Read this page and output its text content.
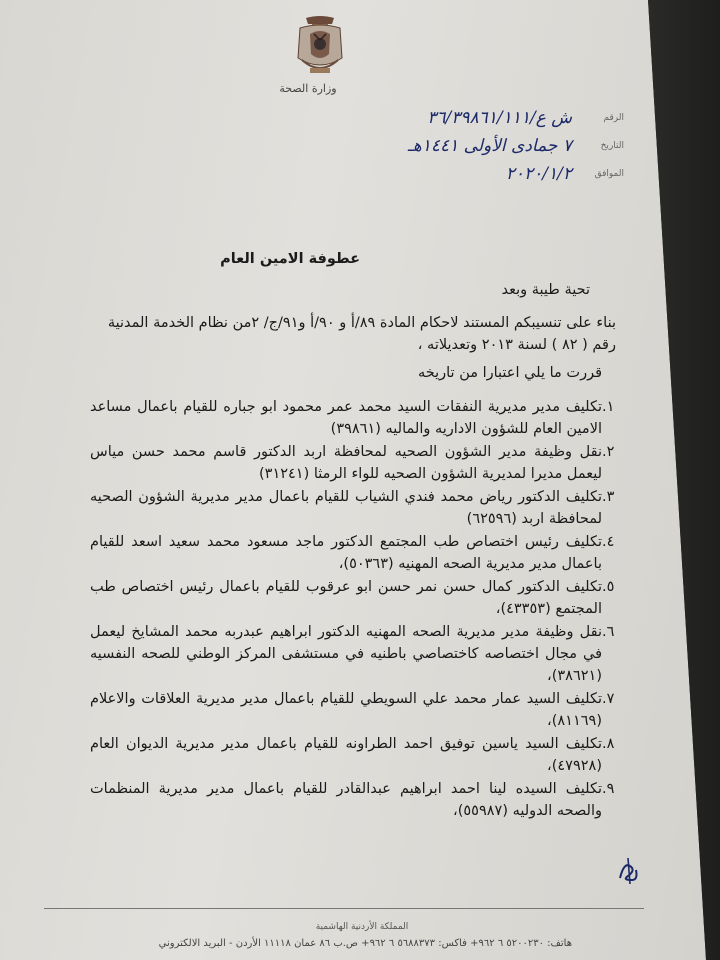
وزارة الصحة
الرقم
ش ع/٣٦/٣٩٨٦١/١١١
التاريخ
٧ جمادى الأولى ١٤٤١هـ
الموافق
٢٠٢٠/١/٢
عطوفة الامين العام
تحية طيبة وبعد
بناء على تنسيبكم المستند لاحكام المادة ٨٩/أ و ٩٠/أ و٩١/ج/ ٢من نظام الخدمة المدنية رقم ( ٨٢ ) لسنة ٢٠١٣ وتعديلاته ،
قررت ما يلي اعتبارا من تاريخه
١.
تكليف مدير مديرية النفقات السيد محمد عمر محمود ابو جباره للقيام باعمال مساعد الامين العام للشؤون الاداريه والماليه (٣٩٨٦١)
٢.
نقل وظيفة مدير الشؤون الصحيه لمحافظة اربد الدكتور قاسم محمد حسن مياس ليعمل مديرا لمديرية الشؤون الصحيه للواء الرمثا (٣١٢٤١)
٣.
تكليف الدكتور رياض محمد فندي الشياب للقيام باعمال مدير مديرية الشؤون الصحيه لمحافظة اربد (٦٢٥٩٦)
٤.
تكليف رئيس اختصاص طب المجتمع الدكتور ماجد مسعود محمد سعيد اسعد للقيام باعمال مدير مديرية الصحه المهنيه (٥٠٣٦٣)،
٥.
تكليف الدكتور كمال حسن نمر حسن ابو عرقوب للقيام باعمال رئيس اختصاص طب المجتمع (٤٣٣٥٣)،
٦.
نقل وظيفة مدير مديرية الصحه المهنيه الدكتور ابراهيم عبدربه محمد المشايخ ليعمل في مجال اختصاصه كاختصاصي باطنيه في مستشفى المركز الوطني للصحه النفسيه (٣٨٦٢١)،
٧.
تكليف السيد عمار محمد علي السويطي للقيام باعمال مدير مديرية العلاقات والاعلام (٨١١٦٩)،
٨.
تكليف السيد ياسين توفيق احمد الطراونه للقيام باعمال مدير مديرية الديوان العام (٤٧٩٢٨)،
٩.
تكليف السيده لينا احمد ابراهيم عبدالقادر للقيام باعمال مدير مديرية المنظمات والصحه الدوليه (٥٥٩٨٧)،
المملكة الأردنية الهاشمية
هاتف: ٥٢٠٠٢٣٠ ٦ ٩٦٢+ فاكس: ٥٦٨٨٣٧٣ ٦ ٩٦٢+ ص.ب ٨٦ عمان ١١١١٨ الأردن - البريد الالكتروني
